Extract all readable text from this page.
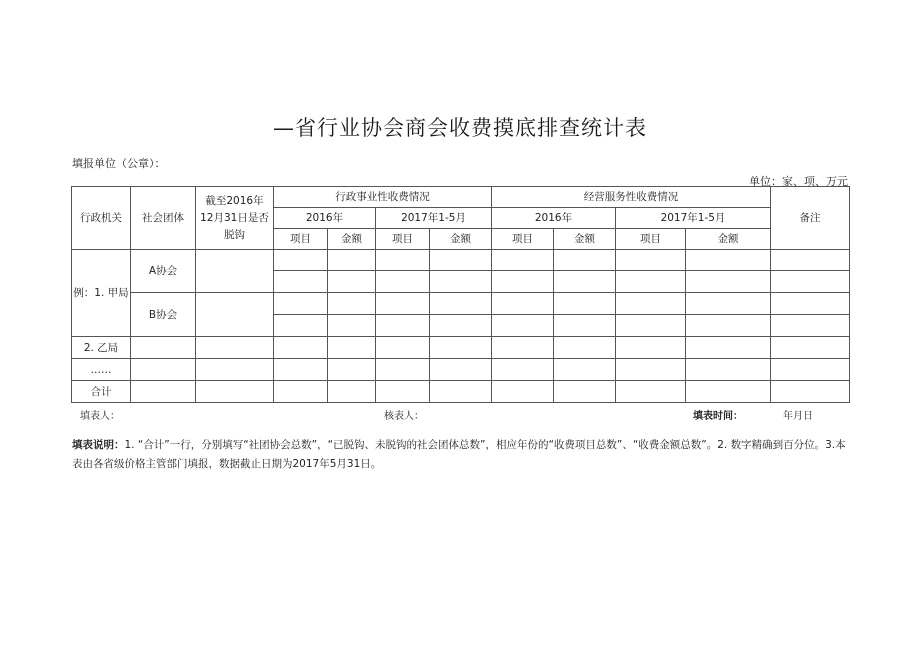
—省行业协会商会收费摸底排查统计表
填报单位（公章）：
单位：家、项、万元
行政机关	社会团体	截至2016年12月31日是否脱钩	行政事业性收费情况				经营服务性收费情况				备注
			2016年		2017年1-5月		2016年		2017年1-5月		
			项目	金额	项目	金额	项目	金额	项目	金额	
例：1. 甲局	A协会										

	B协会										

2. 乙局											
……											
合计											
填表人：	核表人：	填表时间：	年月日
填表说明：1. “合计”一行，分别填写“社团协会总数”，“已脱钩、未脱钩的社会团体总数”，相应年份的“收费项目总数”、“收费金额总数”。2. 数字精确到百分位。3.本表由各省级价格主管部门填报，数据截止日期为2017年5月31日。
